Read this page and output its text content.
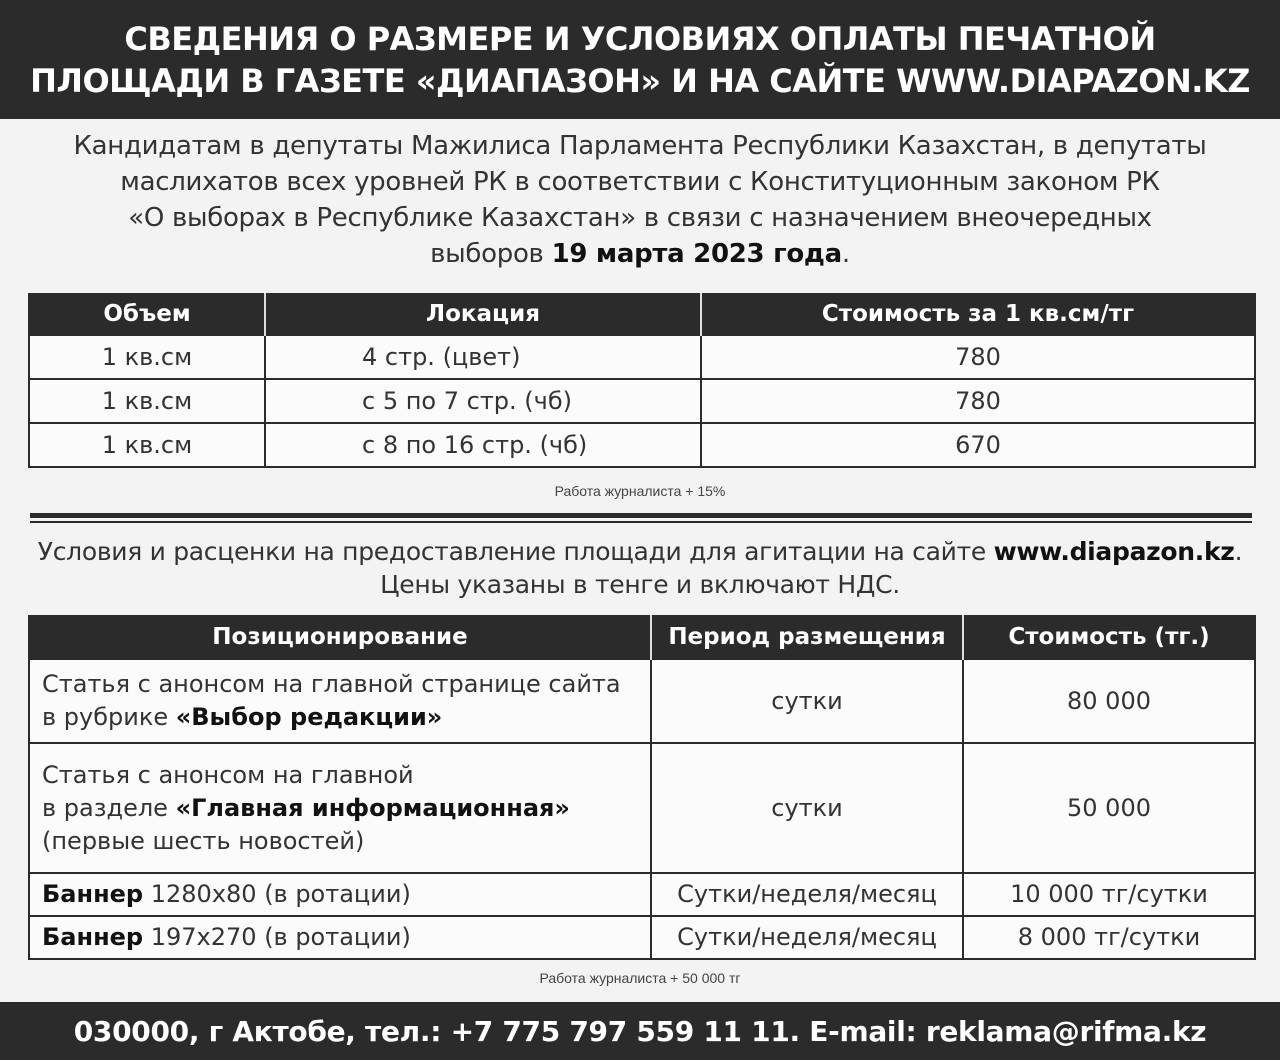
СВЕДЕНИЯ О РАЗМЕРЕ И УСЛОВИЯХ ОПЛАТЫ ПЕЧАТНОЙ
ПЛОЩАДИ В ГАЗЕТЕ «ДИАПАЗОН» И НА САЙТЕ WWW.DIAPAZON.KZ
Кандидатам в депутаты Мажилиса Парламента Республики Казахстан, в депутаты
маслихатов всех уровней РК в соответствии с Конституционным законом РК
«О выборах в Республике Казахстан» в связи с назначением внеочередных
выборов 19 марта 2023 года.
Объем	Локация	Стоимость за 1 кв.см/тг
1 кв.см	4 стр. (цвет)	780
1 кв.см	с 5 по 7 стр. (чб)	780
1 кв.см	с 8 по 16 стр. (чб)	670
Работа журналиста + 15%
Условия и расценки на предоставление площади для агитации на сайте www.diapazon.kz.
Цены указаны в тенге и включают НДС.
Позиционирование	Период размещения	Стоимость (тг.)

Статья с анонсом на главной странице сайта
в рубрике «Выбор редакции»	сутки	80 000

Статья с анонсом на главной
в разделе «Главная информационная»
(первые шесть новостей)	сутки	50 000
Баннер 1280х80 (в ротации)	Сутки/неделя/месяц	10 000 тг/сутки
Баннер 197х270 (в ротации)	Сутки/неделя/месяц	8 000 тг/сутки
Работа журналиста + 50 000 тг
030000, г Актобе, тел.: +7 775 797 559 11 11. E-mail: reklama@rifma.kz
